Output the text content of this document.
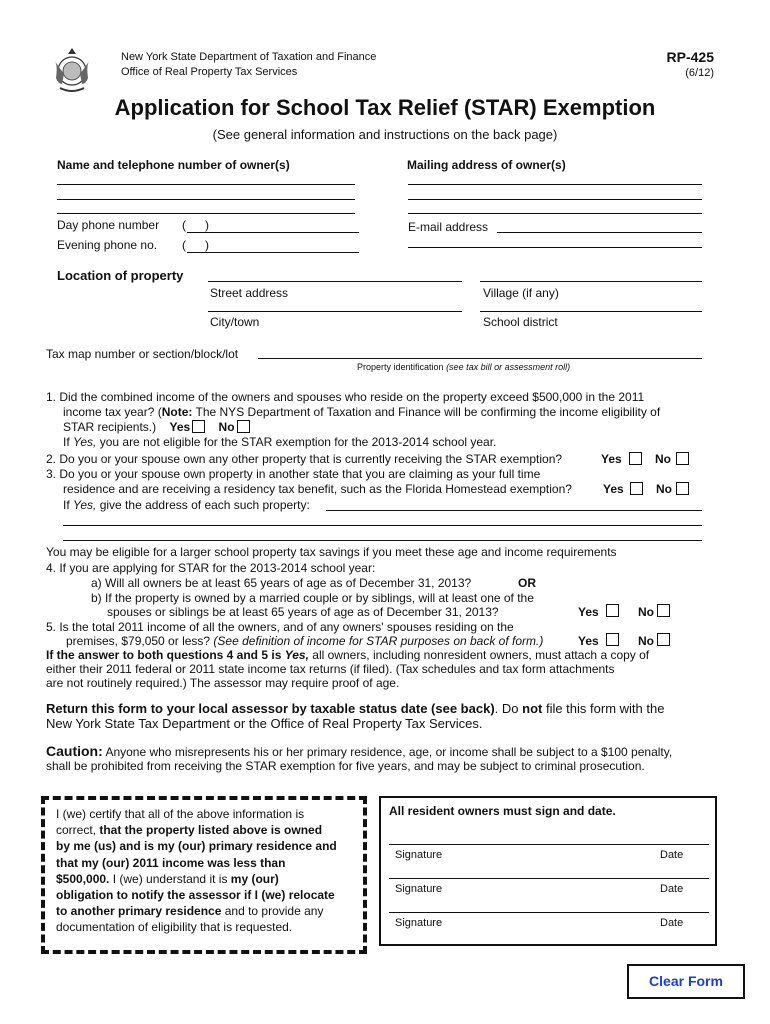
New York State Department of Taxation and Finance
Office of Real Property Tax Services
RP-425
(6/12)
Application for School Tax Relief (STAR) Exemption
(See general information and instructions on the back page)
Name and telephone number of owner(s)	Mailing address of owner(s)
Day phone number ( )
Evening phone no. ( )
E-mail address
Location of property
Street address	Village (if any)
City/town	School district
Tax map number or section/block/lot
Property identification (see tax bill or assessment roll)
1. Did the combined income of the owners and spouses who reside on the property exceed $500,000 in the 2011
income tax year? (Note: The NYS Department of Taxation and Finance will be confirming the income eligibility of
STAR recipients.) Yes No
If Yes, you are not eligible for the STAR exemption for the 2013-2014 school year.
2. Do you or your spouse own any other property that is currently receiving the STAR exemption?	Yes	No
3. Do you or your spouse own property in another state that you are claiming as your full time
residence and are receiving a residency tax benefit, such as the Florida Homestead exemption?	Yes	No
If Yes, give the address of each such property:
You may be eligible for a larger school property tax savings if you meet these age and income requirements
4. If you are applying for STAR for the 2013-2014 school year:
a) Will all owners be at least 65 years of age as of December 31, 2013?	OR
b) If the property is owned by a married couple or by siblings, will at least one of the
spouses or siblings be at least 65 years of age as of December 31, 2013?	Yes	No
5. Is the total 2011 income of all the owners, and of any owners' spouses residing on the
premises, $79,050 or less? (See definition of income for STAR purposes on back of form.)	Yes	No
If the answer to both questions 4 and 5 is Yes, all owners, including nonresident owners, must attach a copy of
either their 2011 federal or 2011 state income tax returns (if filed). (Tax schedules and tax form attachments
are not routinely required.) The assessor may require proof of age.
Return this form to your local assessor by taxable status date (see back). Do not file this form with the
New York State Tax Department or the Office of Real Property Tax Services.
Caution: Anyone who misrepresents his or her primary residence, age, or income shall be subject to a $100 penalty,
shall be prohibited from receiving the STAR exemption for five years, and may be subject to criminal prosecution.
I (we) certify that all of the above information is
correct, that the property listed above is owned
by me (us) and is my (our) primary residence and
that my (our) 2011 income was less than
$500,000. I (we) understand it is my (our)
obligation to notify the assessor if I (we) relocate
to another primary residence and to provide any
documentation of eligibility that is requested.
All resident owners must sign and date.
Signature	Date
Signature	Date
Signature	Date
Clear Form
